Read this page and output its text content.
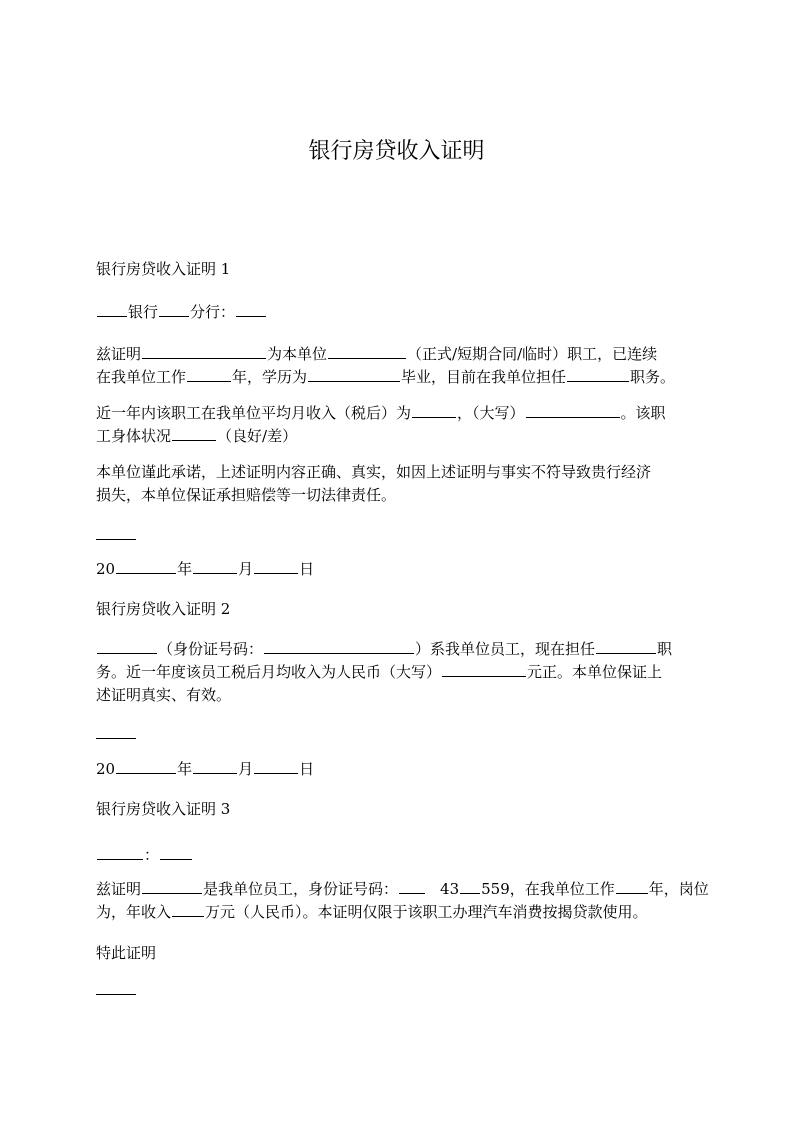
银行房贷收入证明

银行房贷收入证明 1

银行 分行：

兹证明	为本单位	（正式/短期合同/临时）职工，已连续
在我单位工作	年，学历为	毕业，目前在我单位担任	职务。

近一年内该职工在我单位平均月收入（税后）为	，（大写）	。该职
工身体状况	（良好/差）

本单位谨此承诺，上述证明内容正确、真实，如因上述证明与事实不符导致贵行经济
损失，本单位保证承担赔偿等一切法律责任。

20	年	月	日

银行房贷收入证明 2

（身份证号码：	）系我单位员工，现在担任	职
务。近一年度该员工税后月均收入为人民币（大写）	元正。本单位保证上
述证明真实、有效。

20	年	月	日

银行房贷收入证明 3

：

兹证明	是我单位员工，身份证号码：	43 559，在我单位工作 年，岗位
为，年收入 万元（人民币）。本证明仅限于该职工办理汽车消费按揭贷款使用。

特此证明
